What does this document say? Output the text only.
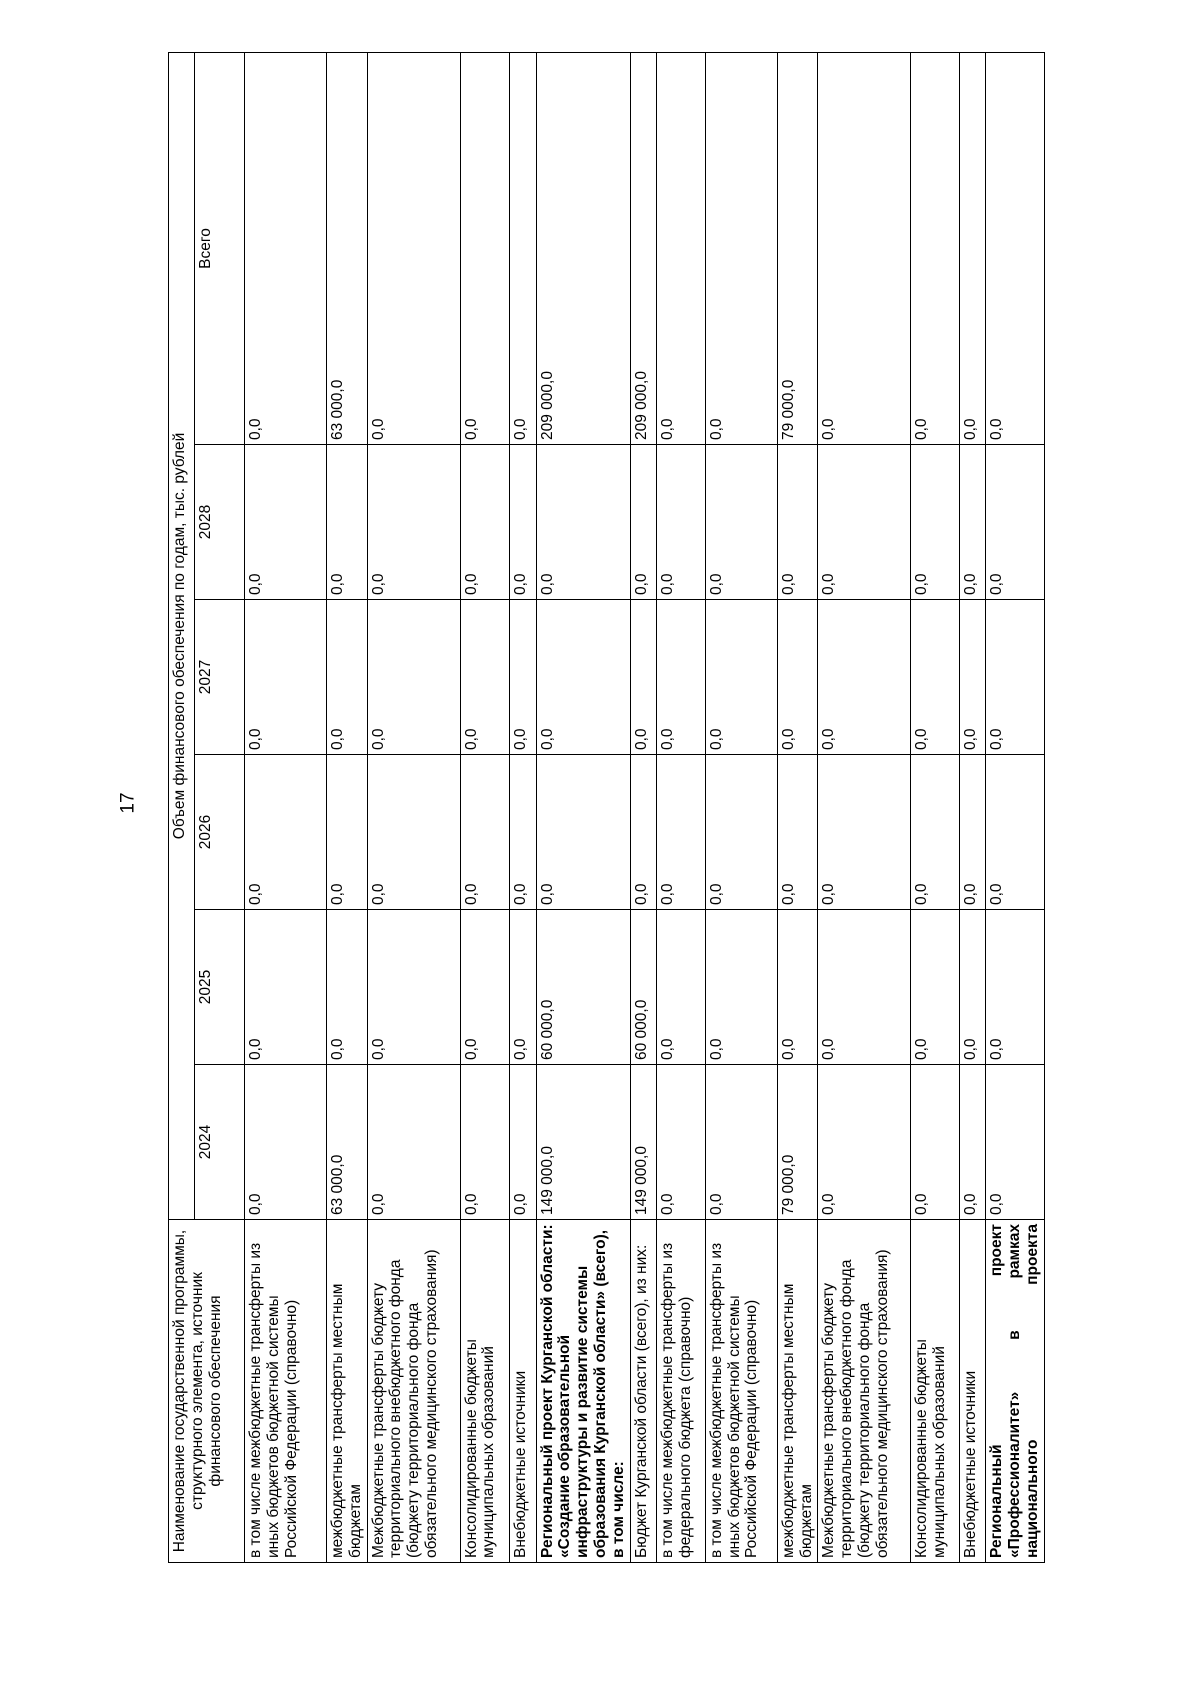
17
Наименование государственной программы, структурного элемента, источник финансового обеспечения	Объем финансового обеспечения по годам, тыс. рублей					
	2024	2025	2026	2027	2028	Всего
в том числе межбюджетные трансферты из иных бюджетов бюджетной системы Российской Федерации (справочно)	0,0	0,0	0,0	0,0	0,0	0,0
межбюджетные трансферты местным бюджетам	63 000,0	0,0	0,0	0,0	0,0	63 000,0
Межбюджетные трансферты бюджету территориального внебюджетного фонда (бюджету территориального фонда обязательного медицинского страхования)	0,0	0,0	0,0	0,0	0,0	0,0
Консолидированные бюджеты муниципальных образований	0,0	0,0	0,0	0,0	0,0	0,0
Внебюджетные источники	0,0	0,0	0,0	0,0	0,0	0,0
Региональный проект Курганской области: «Создание образовательной инфраструктуры и развитие системы образования Курганской области» (всего), в том числе:	149 000,0	60 000,0	0,0	0,0	0,0	209 000,0
Бюджет Курганской области (всего), из них:	149 000,0	60 000,0	0,0	0,0	0,0	209 000,0
в том числе межбюджетные трансферты из федерального бюджета (справочно)	0,0	0,0	0,0	0,0	0,0	0,0
в том числе межбюджетные трансферты из иных бюджетов бюджетной системы Российской Федерации (справочно)	0,0	0,0	0,0	0,0	0,0	0,0
межбюджетные трансферты местным бюджетам	79 000,0	0,0	0,0	0,0	0,0	79 000,0
Межбюджетные трансферты бюджету территориального внебюджетного фонда (бюджету территориального фонда обязательного медицинского страхования)	0,0	0,0	0,0	0,0	0,0	0,0
Консолидированные бюджеты муниципальных образований	0,0	0,0	0,0	0,0	0,0	0,0
Внебюджетные источники	0,0	0,0	0,0	0,0	0,0	0,0
Региональный проект «Профессионалитет» в рамках национального проекта	0,0	0,0	0,0	0,0	0,0	0,0
